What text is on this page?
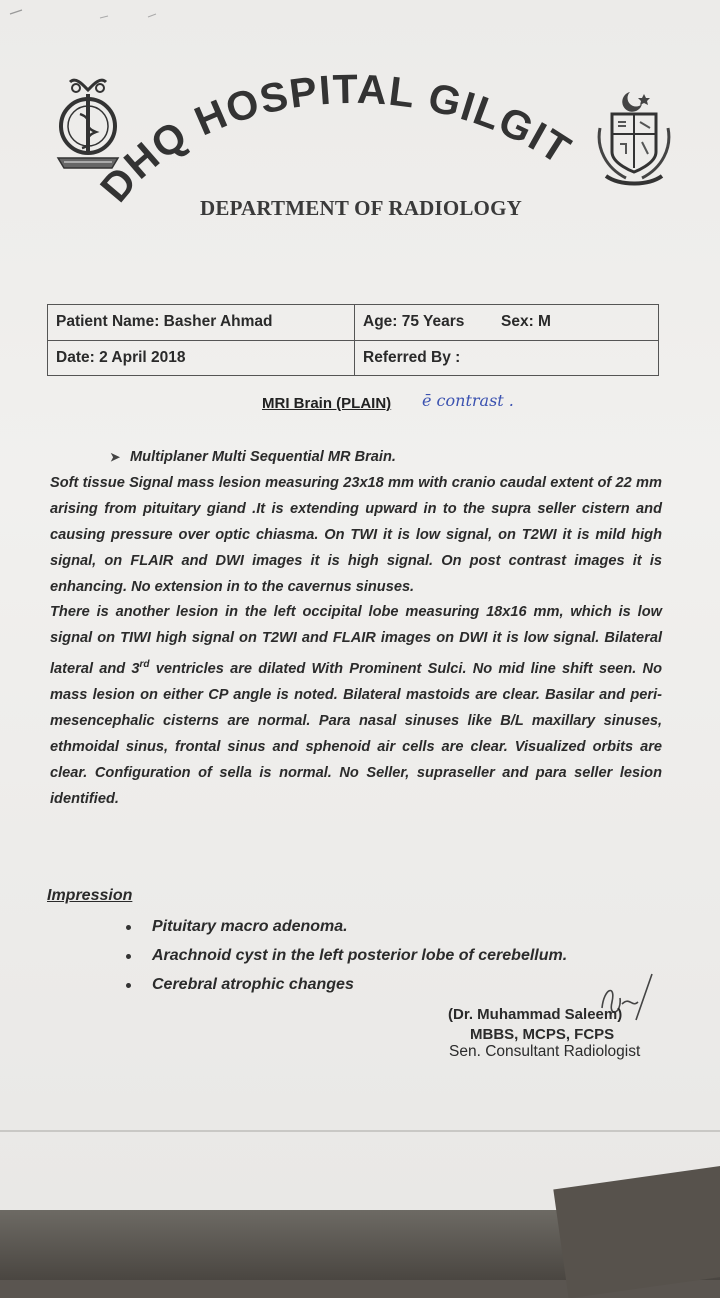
DHQ HOSPITAL GILGIT
DEPARTMENT OF RADIOLOGY
Patient Name: Basher Ahmad	Age: 75 Years	Sex: M
Date: 2 April 2018	Referred By :	
MRI Brain (PLAIN) ē contrast .

➤ Multiplaner Multi Sequential MR Brain.

Soft tissue Signal mass lesion measuring 23x18 mm with cranio caudal extent of 22 mm arising from pituitary giand .It is extending upward in to the supra seller cistern and causing pressure over optic chiasma. On TWI it is low signal, on T2WI it is mild high signal, on FLAIR and DWI images it is high signal. On post contrast images it is enhancing. No extension in to the cavernus sinuses.

There is another lesion in the left occipital lobe measuring 18x16 mm, which is low signal on TIWI high signal on T2WI and FLAIR images on DWI it is low signal. Bilateral lateral and 3rd ventricles are dilated With Prominent Sulci. No mid line shift seen. No mass lesion on either CP angle is noted. Bilateral mastoids are clear. Basilar and peri-mesencephalic cisterns are normal. Para nasal sinuses like B/L maxillary sinuses, ethmoidal sinus, frontal sinus and sphenoid air cells are clear. Visualized orbits are clear. Configuration of sella is normal. No Seller, supraseller and para seller lesion identified.

Impression
Pituitary macro adenoma.
Arachnoid cyst in the left posterior lobe of cerebellum.
Cerebral atrophic changes
(Dr. Muhammad Saleem)
MBBS, MCPS, FCPS
Sen. Consultant Radiologist
